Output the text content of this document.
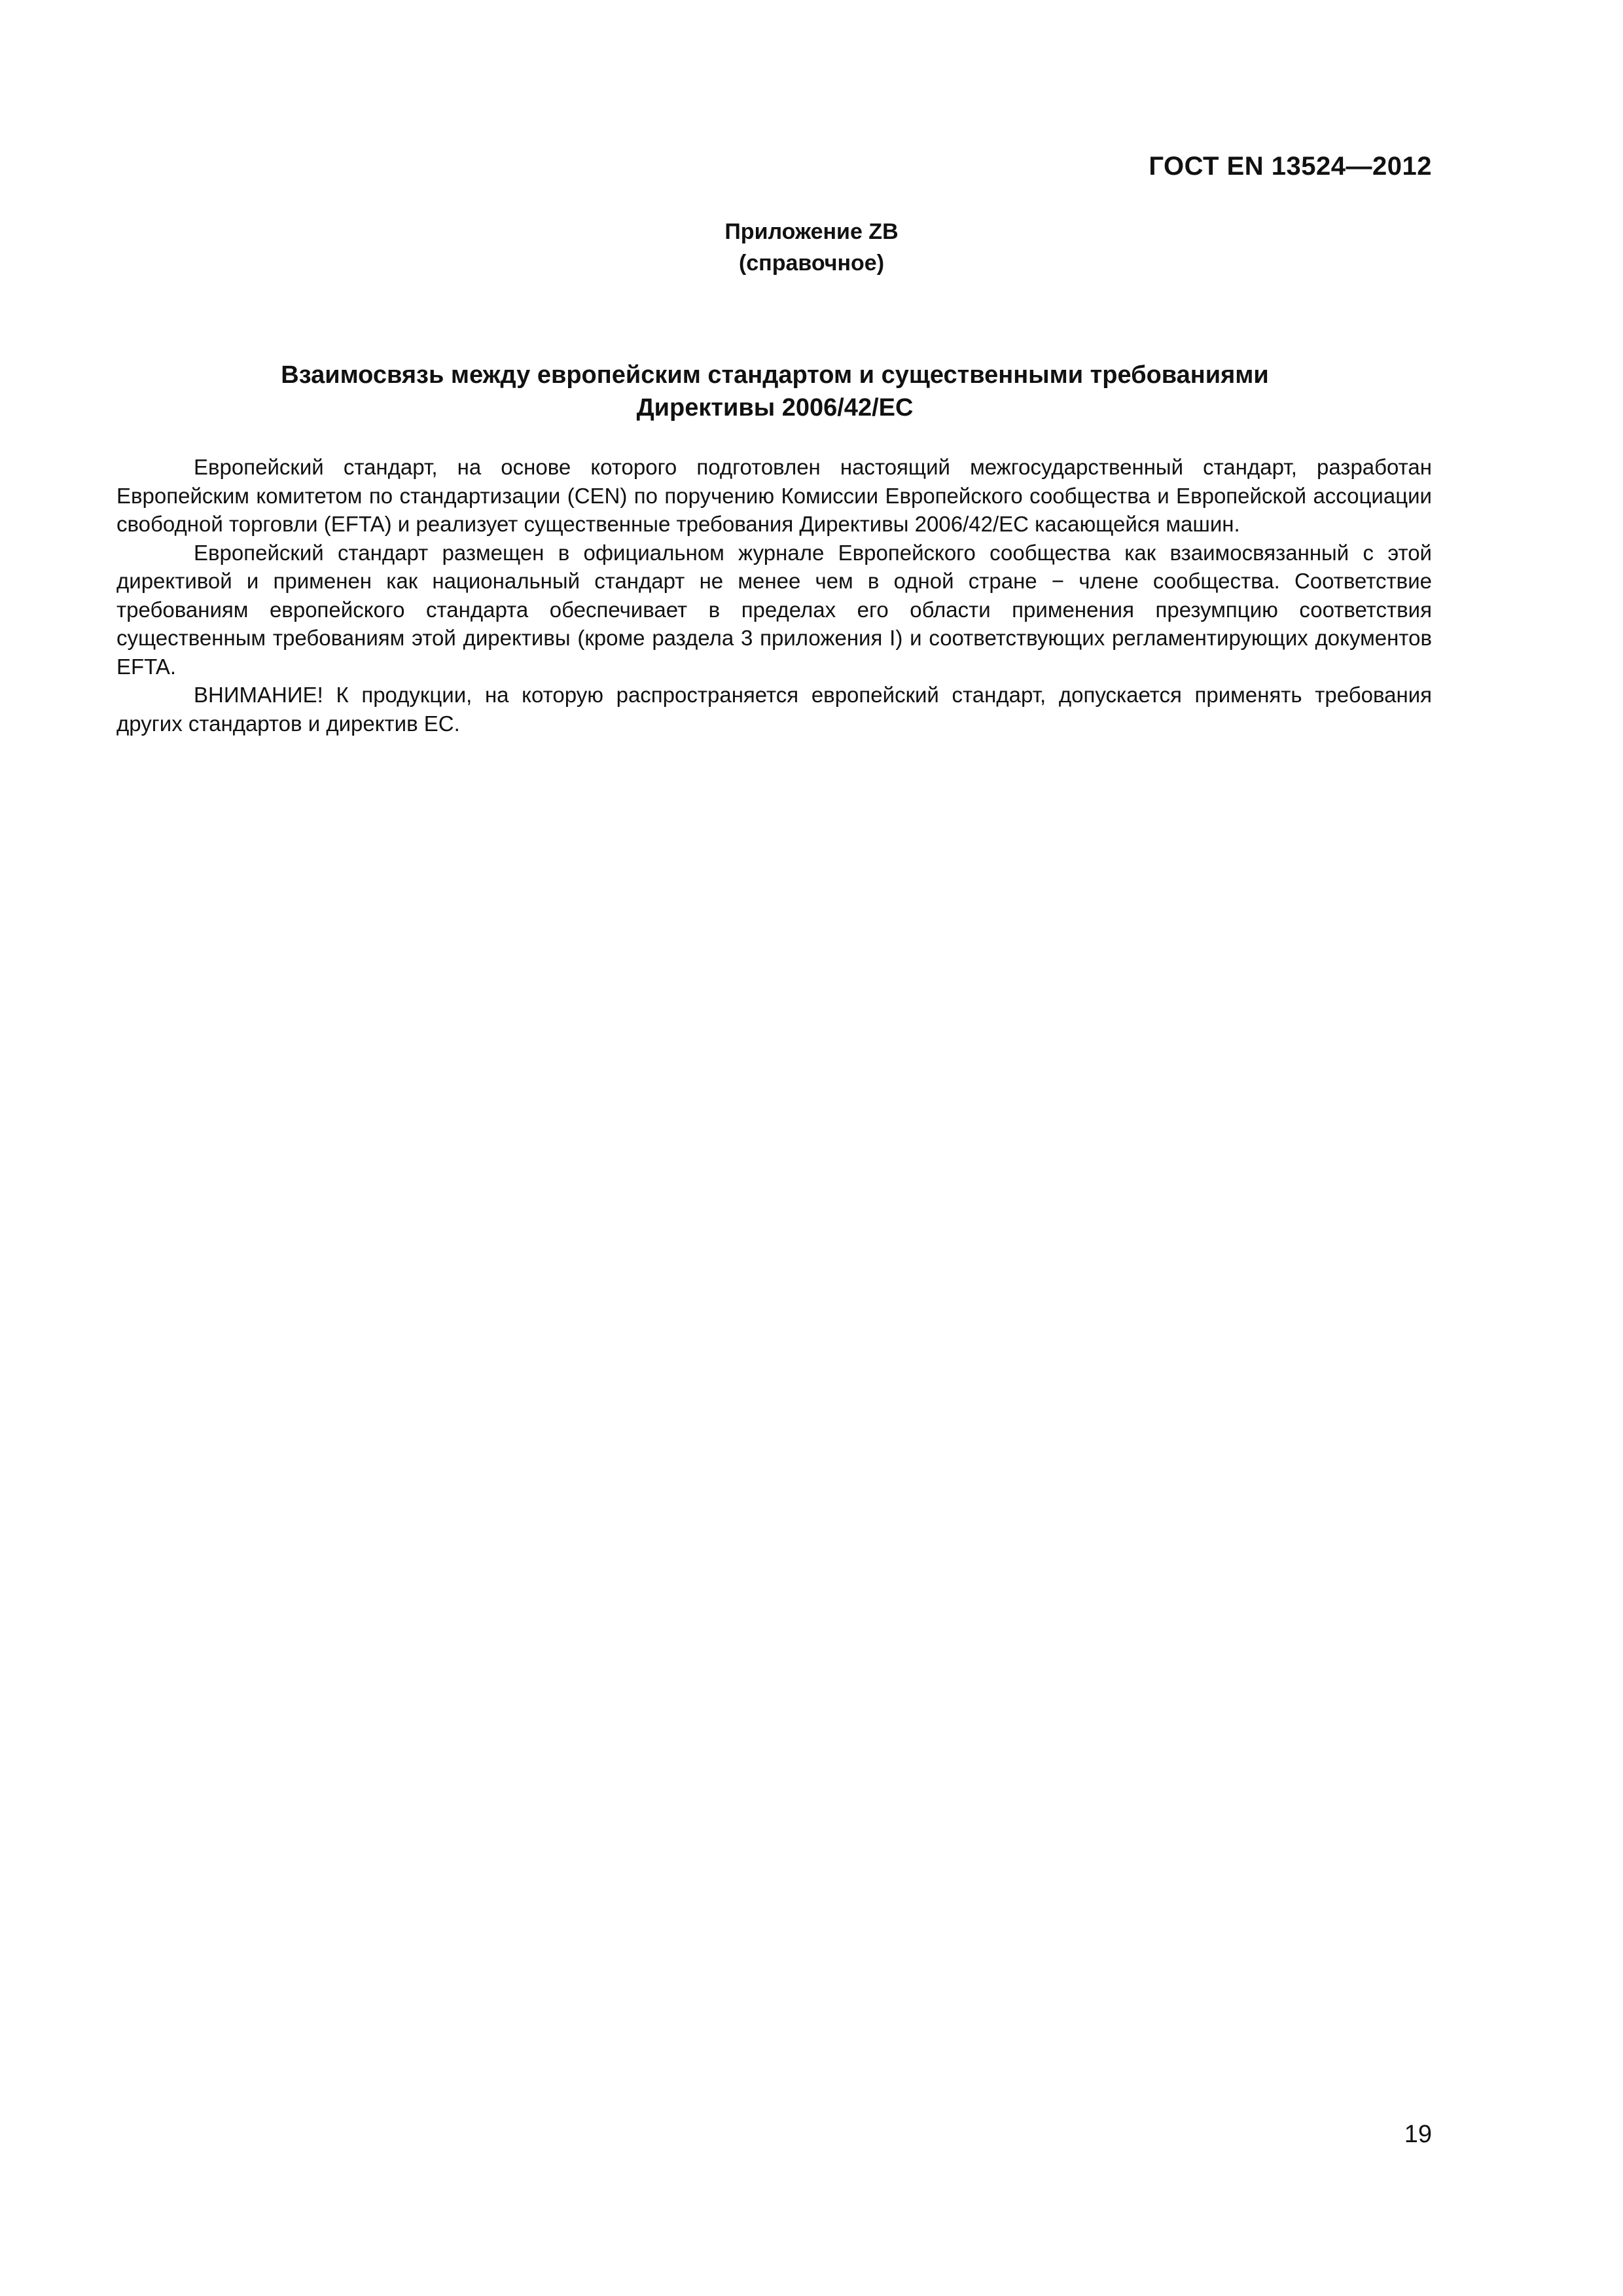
ГОСТ EN 13524—2012
Приложение ZB
(справочное)
Взаимосвязь между европейским стандартом и существенными требованиями
Директивы 2006/42/ЕС

Европейский стандарт, на основе которого подготовлен настоящий межгосударственный стандарт, разработан Европейским комитетом по стандартизации (CEN) по поручению Комиссии Европейского сообщества и Европейской ассоциации свободной торговли (EFTA) и реализует существенные требования Директивы 2006/42/ЕС касающейся машин.

Европейский стандарт размещен в официальном журнале Европейского сообщества как взаимосвязанный с этой директивой и применен как национальный стандарт не менее чем в одной стране − члене сообщества. Соответствие требованиям европейского стандарта обеспечивает в пределах его области применения презумпцию соответствия существенным требованиям этой директивы (кроме раздела 3 приложения I) и соответствующих регламентирующих документов EFTA.

ВНИМАНИЕ! К продукции, на которую распространяется европейский стандарт, допускается применять требования других стандартов и директив ЕС.

19
